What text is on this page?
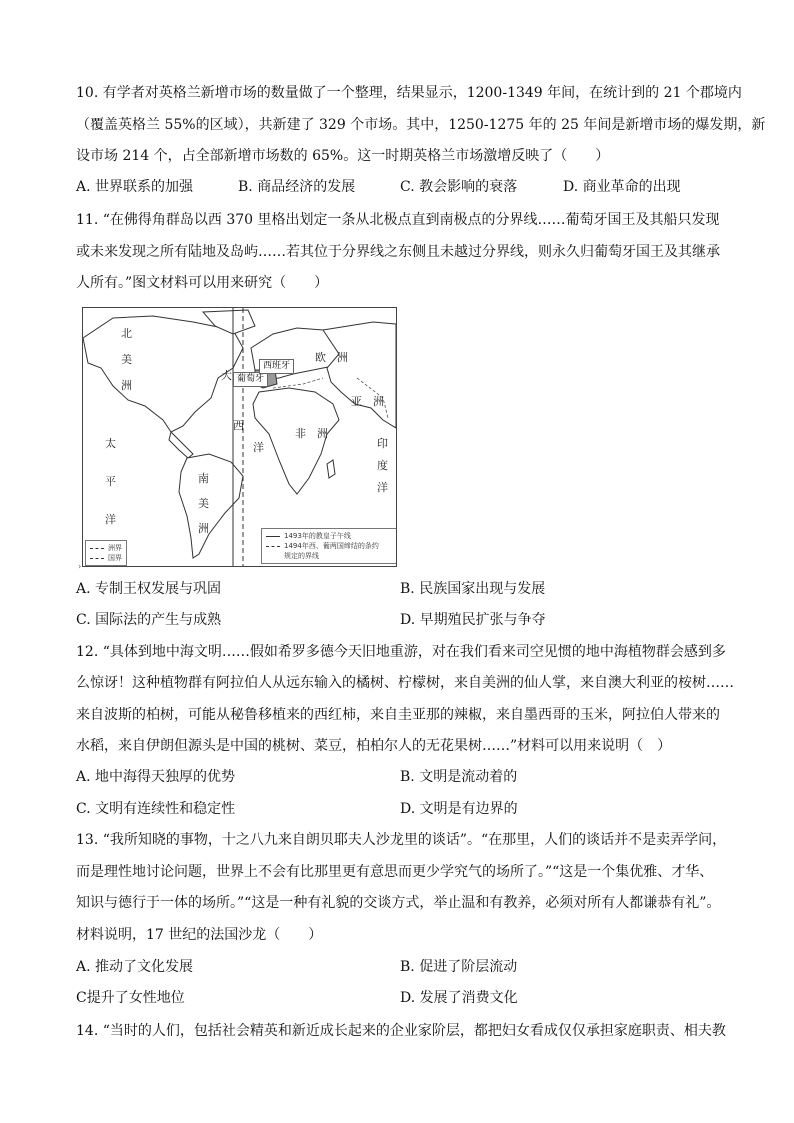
10. 有学者对英格兰新增市场的数量做了一个整理，结果显示，1200-1349 年间，在统计到的 21 个郡境内
（覆盖英格兰 55%的区域），共新建了 329 个市场。其中，1250-1275 年的 25 年间是新增市场的爆发期，新
设市场 214 个，占全部新增市场数的 65%。这一时期英格兰市场激增反映了（　　）
A. 世界联系的加强	B. 商品经济的发展	C. 教会影响的衰落	D. 商业革命的出现
11. “在佛得角群岛以西 370 里格出划定一条从北极点直到南极点的分界线……葡萄牙国王及其船只发现
或未来发现之所有陆地及岛屿……若其位于分界线之东侧且未越过分界线，则永久归葡萄牙国王及其继承
人所有。”图文材料可以用来研究（　　）
北
美
洲
南
美
洲
太
平
洋
大
西
洋
欧　洲
非　洲
亚　洲
印
度
洋
葡萄牙
西班牙
洲界
国界
1493年的教皇子午线
1494年西、葡两国缔结的条约
规定的界线
›
A. 专制王权发展与巩固	B. 民族国家出现与发展
C. 国际法的产生与成熟	D. 早期殖民扩张与争夺
12. “具体到地中海文明……假如希罗多德今天旧地重游，对在我们看来司空见惯的地中海植物群会感到多
么惊讶！这种植物群有阿拉伯人从远东输入的橘树、柠檬树，来自美洲的仙人掌，来自澳大利亚的桉树……
来自波斯的柏树，可能从秘鲁移植来的西红柿，来自圭亚那的辣椒，来自墨西哥的玉米，阿拉伯人带来的
水稻，来自伊朗但源头是中国的桃树、菜豆，柏柏尔人的无花果树……”材料可以用来说明（　）
A. 地中海得天独厚的优势	B. 文明是流动着的
C. 文明有连续性和稳定性	D. 文明是有边界的
13. “我所知晓的事物，十之八九来自朗贝耶夫人沙龙里的谈话”。“在那里，人们的谈话并不是卖弄学问，
而是理性地讨论问题，世界上不会有比那里更有意思而更少学究气的场所了。”“这是一个集优雅、才华、
知识与德行于一体的场所。”“这是一种有礼貌的交谈方式，举止温和有教养，必须对所有人都谦恭有礼”。
材料说明，17 世纪的法国沙龙（　　）
A. 推动了文化发展	B. 促进了阶层流动
C提升了女性地位	D. 发展了消费文化
14. “当时的人们，包括社会精英和新近成长起来的企业家阶层，都把妇女看成仅仅承担家庭职责、相夫教
